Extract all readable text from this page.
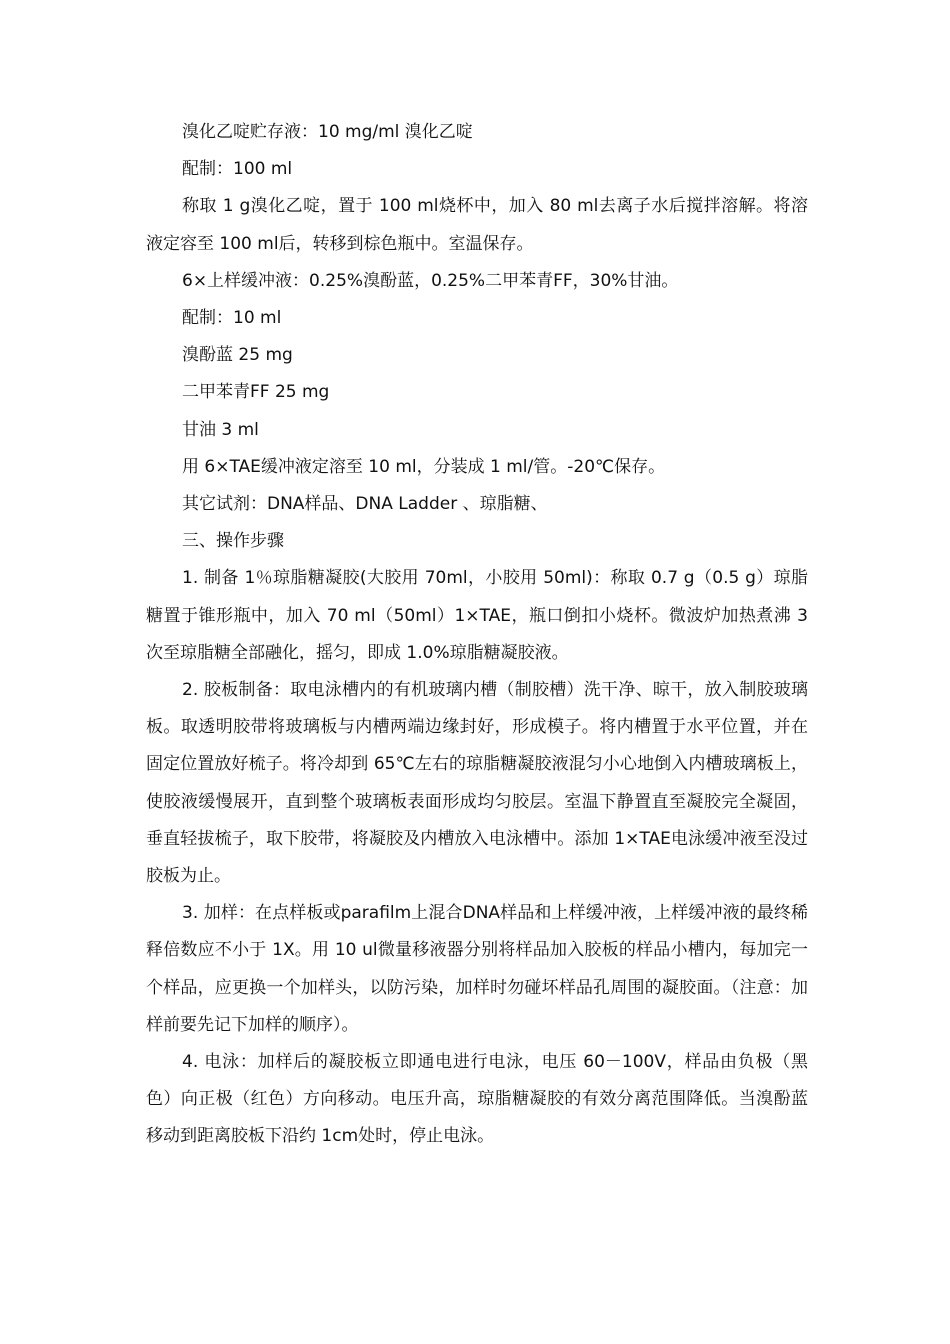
溴化乙啶贮存液：10 mg/ml 溴化乙啶

配制：100 ml

称取 1 g溴化乙啶，置于 100 ml烧杯中，加入 80 ml去离子水后搅拌溶解。将溶液定容至 100 ml后，转移到棕色瓶中。室温保存。

6×上样缓冲液：0.25%溴酚蓝，0.25%二甲苯青FF，30%甘油。

配制：10 ml

溴酚蓝 25 mg

二甲苯青FF 25 mg

甘油 3 ml

用 6×TAE缓冲液定溶至 10 ml，分装成 1 ml/管。-20℃保存。

其它试剂：DNA样品、DNA Ladder 、琼脂糖、

三、操作步骤

1. 制备 1％琼脂糖凝胶(大胶用 70ml，小胶用 50ml)：称取 0.7 g（0.5 g）琼脂糖置于锥形瓶中，加入 70 ml（50ml）1×TAE，瓶口倒扣小烧杯。微波炉加热煮沸 3 次至琼脂糖全部融化，摇匀，即成 1.0%琼脂糖凝胶液。

2. 胶板制备：取电泳槽内的有机玻璃内槽（制胶槽）洗干净、晾干，放入制胶玻璃板。取透明胶带将玻璃板与内槽两端边缘封好，形成模子。将内槽置于水平位置，并在固定位置放好梳子。将冷却到 65℃左右的琼脂糖凝胶液混匀小心地倒入内槽玻璃板上，使胶液缓慢展开，直到整个玻璃板表面形成均匀胶层。室温下静置直至凝胶完全凝固，垂直轻拔梳子，取下胶带，将凝胶及内槽放入电泳槽中。添加 1×TAE电泳缓冲液至没过胶板为止。

3. 加样：在点样板或parafilm上混合DNA样品和上样缓冲液，上样缓冲液的最终稀释倍数应不小于 1X。用 10 ul微量移液器分别将样品加入胶板的样品小槽内，每加完一个样品，应更换一个加样头，以防污染，加样时勿碰坏样品孔周围的凝胶面。（注意：加样前要先记下加样的顺序）。

4. 电泳：加样后的凝胶板立即通电进行电泳，电压 60－100V，样品由负极（黑色）向正极（红色）方向移动。电压升高，琼脂糖凝胶的有效分离范围降低。当溴酚蓝移动到距离胶板下沿约 1cm处时，停止电泳。
